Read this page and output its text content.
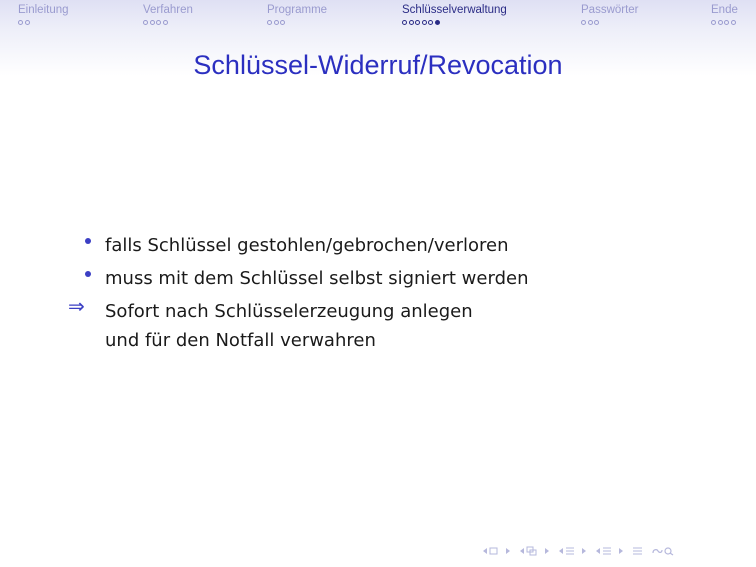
Einleitung	Verfahren	Programme	Schlüsselverwaltung	Passwörter	Ende
Schlüssel-Widerruf/Revocation
falls Schlüssel gestohlen/gebrochen/verloren
muss mit dem Schlüssel selbst signiert werden
⇒ Sofort nach Schlüsselerzeugung anlegen
und für den Notfall verwahren
